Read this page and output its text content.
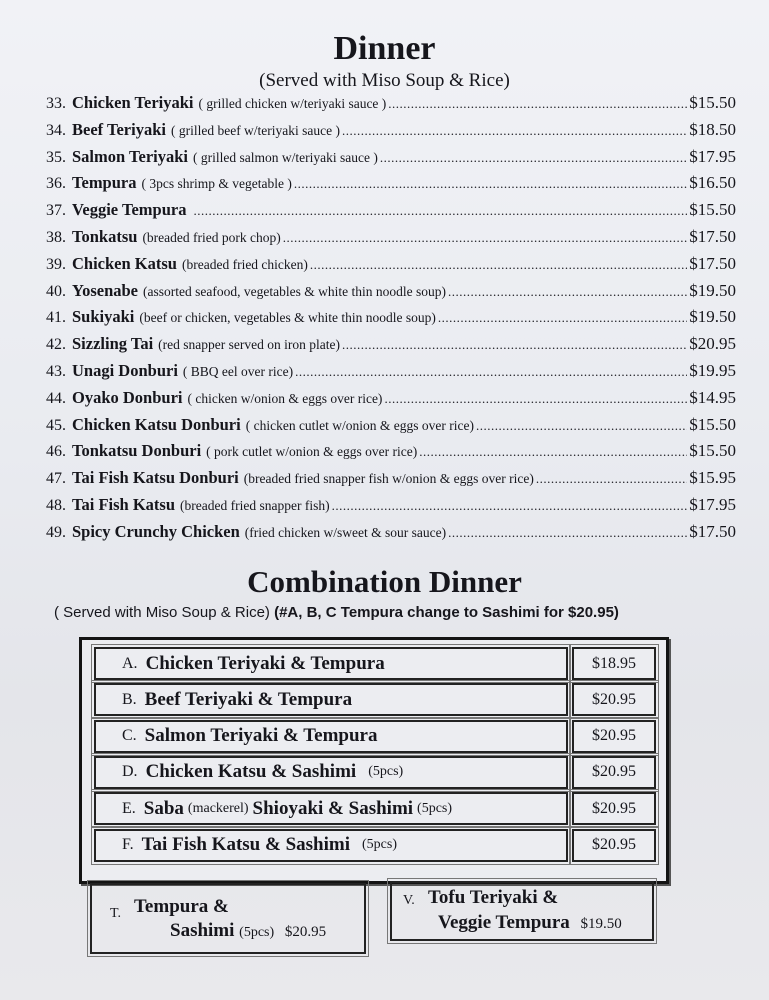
Dinner
(Served with Miso Soup & Rice)
33. Chicken Teriyaki ( grilled chicken w/teriyaki sauce ) .....	$15.50
34. Beef Teriyaki ( grilled beef w/teriyaki sauce ) .....	$18.50
35. Salmon Teriyaki ( grilled salmon w/teriyaki sauce ) .....	$17.95
36. Tempura ( 3pcs shrimp & vegetable ) .....	$16.50
37. Veggie Tempura .....	$15.50
38. Tonkatsu (breaded fried pork chop) .....	$17.50
39. Chicken Katsu (breaded fried chicken) .....	$17.50
40. Yosenabe (assorted seafood, vegetables & white thin noodle soup) .....	$19.50
41. Sukiyaki (beef or chicken, vegetables & white thin noodle soup) .....	$19.50
42. Sizzling Tai (red snapper served on iron plate) .....	$20.95
43. Unagi Donburi ( BBQ eel over rice) .....	$19.95
44. Oyako Donburi ( chicken w/onion & eggs over rice) .....	$14.95
45. Chicken Katsu Donburi ( chicken cutlet w/onion & eggs over rice) .....	$15.50
46. Tonkatsu Donburi ( pork cutlet w/onion & eggs over rice) .....	$15.50
47. Tai Fish Katsu Donburi (breaded fried snapper fish w/onion & eggs over rice) .....	$15.95
48. Tai Fish Katsu (breaded fried snapper fish) .....	$17.95
49. Spicy Crunchy Chicken (fried chicken w/sweet & sour sauce) .....	$17.50
Combination Dinner
( Served with Miso Soup & Rice) (#A, B, C Tempura change to Sashimi for $20.95)
A. Chicken Teriyaki & Tempura	$18.95
B. Beef Teriyaki & Tempura	$20.95
C. Salmon Teriyaki & Tempura	$20.95
D. Chicken Katsu & Sashimi (5pcs)	$20.95
E. Saba (mackerel) Shioyaki & Sashimi (5pcs)	$20.95
F. Tai Fish Katsu & Sashimi (5pcs)	$20.95
T. Tempura &
Sashimi (5pcs) $20.95
V. Tofu Teriyaki &
Veggie Tempura $19.50
